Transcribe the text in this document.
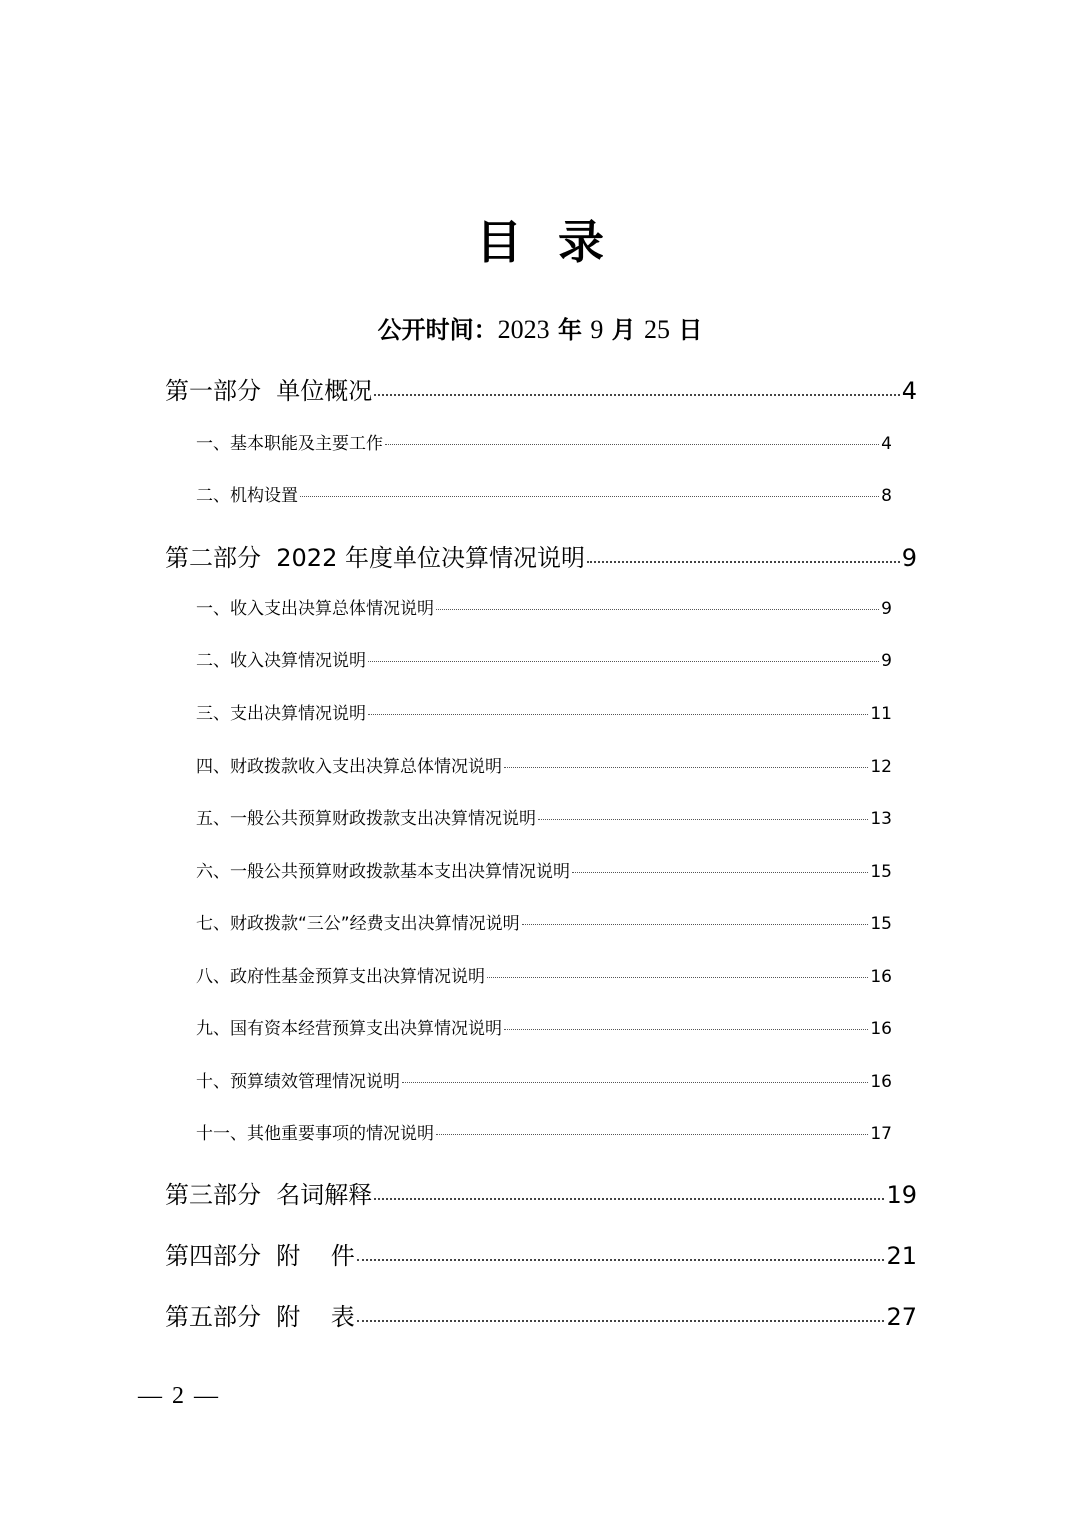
目录
公开时间：2023 年 9 月 25 日
第一部分  单位概况	4
一、基本职能及主要工作	4
二、机构设置	8
第二部分  2022 年度单位决算情况说明	9
一、收入支出决算总体情况说明	9
二、收入决算情况说明	9
三、支出决算情况说明	11
四、财政拨款收入支出决算总体情况说明	12
五、一般公共预算财政拨款支出决算情况说明	13
六、一般公共预算财政拨款基本支出决算情况说明	15
七、财政拨款“三公”经费支出决算情况说明	15
八、政府性基金预算支出决算情况说明	16
九、国有资本经营预算支出决算情况说明	16
十、预算绩效管理情况说明	16
十一、其他重要事项的情况说明	17
第三部分  名词解释	19
第四部分  附    件	21
第五部分  附    表	27
— 2 —
